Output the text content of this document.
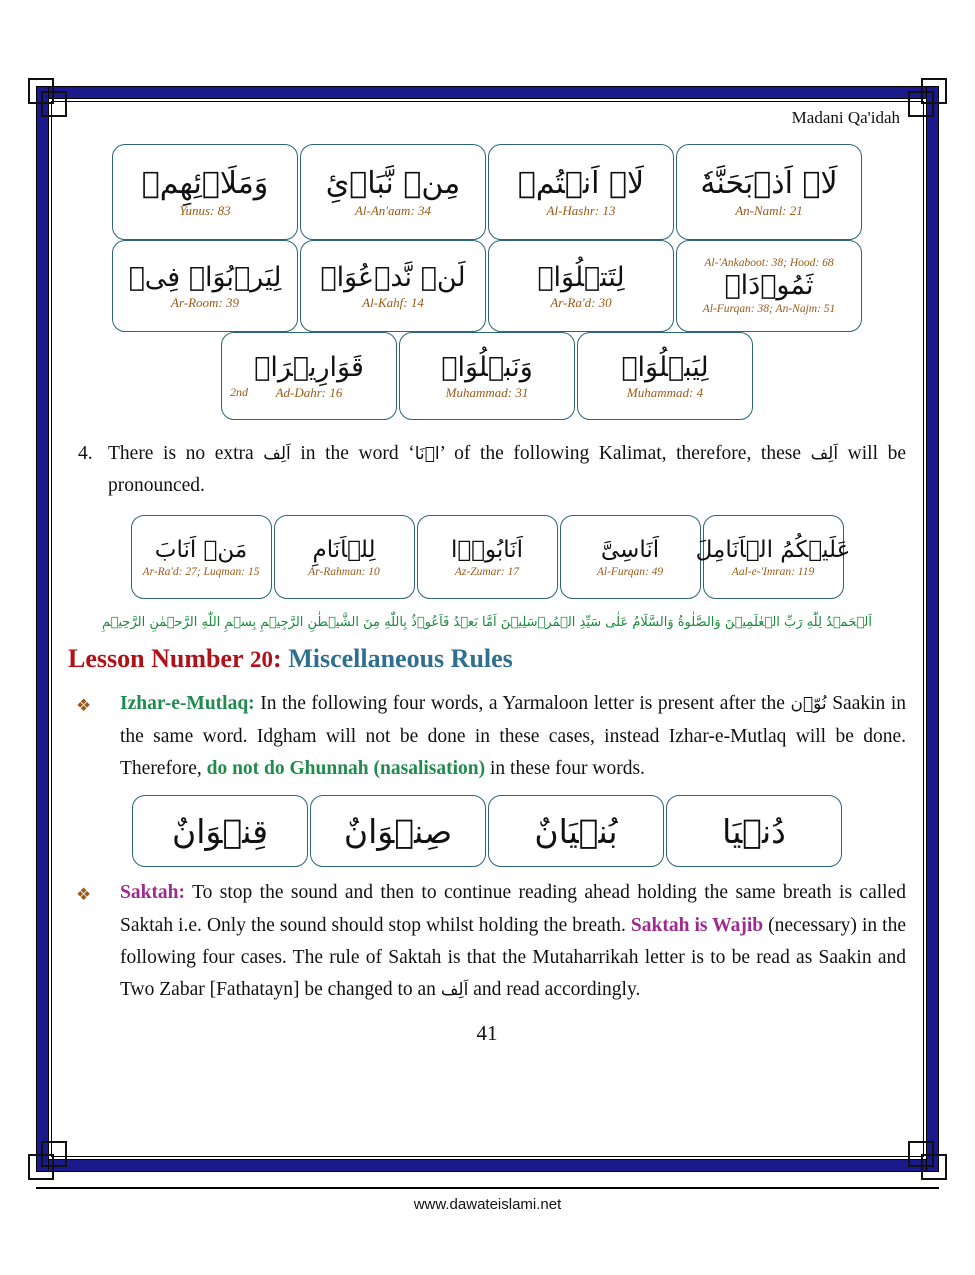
Madani Qa'idah
وَمَلَاۡئِهِمۡ
Yunus: 83
مِنۡ نَّبَاۡئِ
Al-An'aam: 34
لَاۡ اَنۡتُمۡ
Al-Hashr: 13
لَاۡ اَذۡبَحَنَّهٗ
An-Naml: 21
لِيَرۡبُوَاۡ فِیۡ
Ar-Room: 39
لَنۡ نَّدۡعُوَاۡ
Al-Kahf: 14
لِتَتۡلُوَاۡ
Ar-Ra'd: 30
Al-'Ankaboot: 38; Hood: 68
ثَمُوۡدَاۡ
Al-Furqan: 38; An-Najm: 51
قَوَارِيۡرَاۡ
2nd Ad-Dahr: 16
وَنَبۡلُوَاۡ
Muhammad: 31
لِيَبۡلُوَاۡ
Muhammad: 4
4. There is no extra اَلِف in the word ‘اۡنَا’ of the following Kalimat, therefore, these اَلِف will be pronounced.
مَنۡ اَنَابَ
Ar-Ra'd: 27; Luqman: 15
لِلۡاَنَامِ
Ar-Rahman: 10
اَنَابُوۡۤا
Az-Zumar: 17
اَنَاسِیَّ
Al-Furqan: 49
عَلَيۡكُمُ الۡاَنَامِلَ
Aal-e-'Imran: 119
اَلۡحَمۡدُ لِلّٰهِ رَبِّ الۡعٰلَمِیۡنَ وَالصَّلٰوةُ وَالسَّلَامُ عَلٰى سَیِّدِ الۡمُرۡسَلِیۡنَ اَمَّا بَعۡدُ فَاَعُوۡذُ بِاللّٰهِ مِنَ الشَّیۡطٰنِ الرَّجِیۡمِ بِسۡمِ اللّٰهِ الرَّحۡمٰنِ الرَّحِیۡمِ
Lesson Number 20: Miscellaneous Rules
❖	Izhar-e-Mutlaq: In the following four words, a Yarmaloon letter is present after the نُوّۡن Saakin in the same word. Idgham will not be done in these cases, instead Izhar-e-Mutlaq will be done. Therefore, do not do Ghunnah (nasalisation) in these four words.
قِنۡوَانٌ صِنۡوَانٌ بُنۡيَانٌ	دُنۡيَا
❖	Saktah: To stop the sound and then to continue reading ahead holding the same breath is called Saktah i.e. Only the sound should stop whilst holding the breath. Saktah is Wajib (necessary) in the following four cases. The rule of Saktah is that the Mutaharrikah letter is to be read as Saakin and Two Zabar [Fathatayn] be changed to an اَلِف and read accordingly.
41
www.dawateislami.net
